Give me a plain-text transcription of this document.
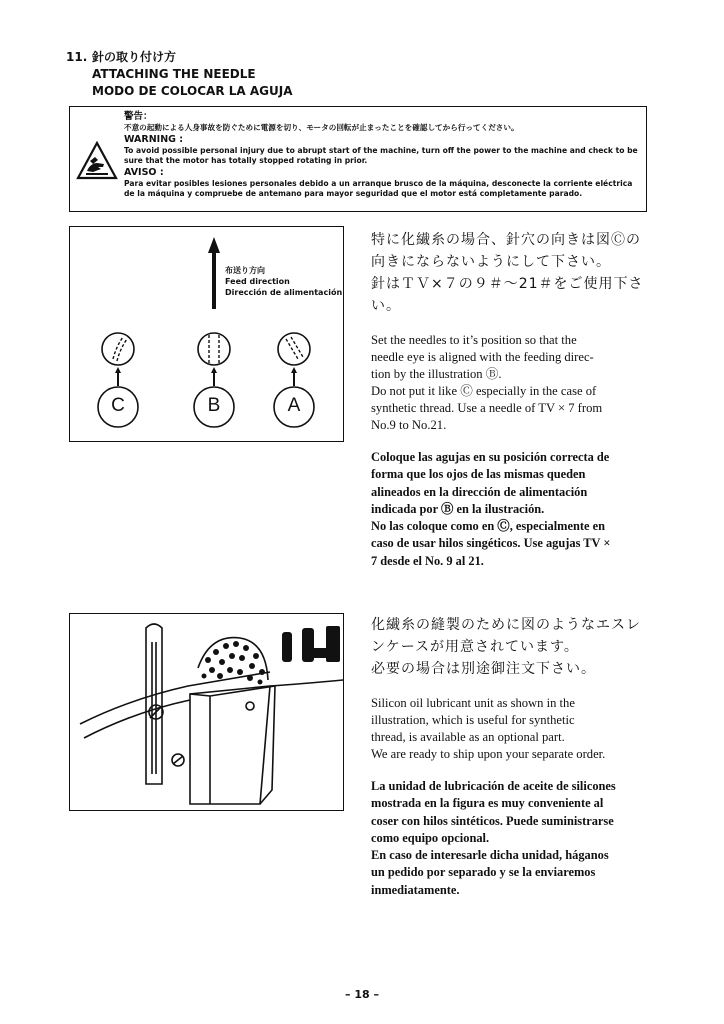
11. 針の取り付け方
ATTACHING THE NEEDLE
MODO DE COLOCAR LA AGUJA
警告：
不意の起動による人身事故を防ぐために電源を切り、モータの回転が止まったことを確認してから行ってください。
WARNING :
To avoid possible personal injury due to abrupt start of the machine, turn off the power to the machine and check to be sure that the motor has totally stopped rotating in prior.
AVISO :
Para evitar posibles lesiones personales debido a un arranque brusco de la máquina, desconecte la corriente eléctrica de la máquina y compruebe de antemano para mayor seguridad que el motor está completamente parado.
布送り方向
Feed direction
Dirección de alimentación
C	B	A
特に化繊糸の場合、針穴の向きは図Ⓒの
向きにならないようにして下さい。
針はＴＶ×７の９＃～21＃をご使用下さ
い。
Set the needles to it’s position so that the
needle eye is aligned with the feeding direc-
tion by the illustration Ⓑ.
Do not put it like Ⓒ especially in the case of
synthetic thread. Use a needle of TV × 7 from
No.9 to No.21.
Coloque las agujas en su posición correcta de
forma que los ojos de las mismas queden
alineados en la dirección de alimentación
indicada por Ⓑ en la ilustración.
No las coloque como en Ⓒ, especialmente en
caso de usar hilos singéticos. Use agujas TV ×
7 desde el No. 9 al 21.
化繊糸の縫製のために図のようなエスレ
ンケースが用意されています。
必要の場合は別途御注文下さい。
Silicon oil lubricant unit as shown in the
illustration, which is useful for synthetic
thread, is available as an optional part.
We are ready to ship upon your separate order.
La unidad de lubricación de aceite de silicones
mostrada en la figura es muy conveniente al
coser con hilos sintéticos. Puede suministrarse
como equipo opcional.
En caso de interesarle dicha unidad, háganos
un pedido por separado y se la enviaremos
inmediatamente.
– 18 –
